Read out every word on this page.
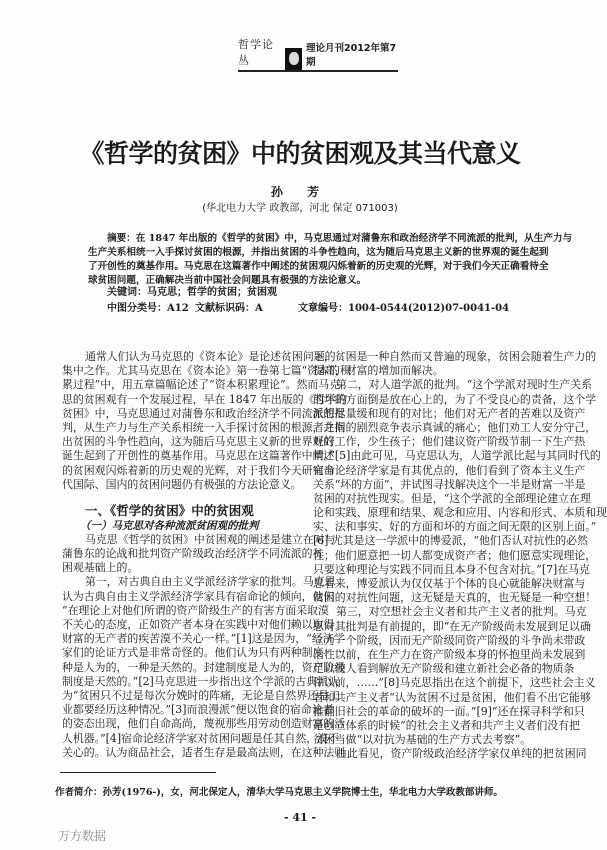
哲学论丛
理论月刊2012年第7期
《哲学的贫困》中的贫困观及其当代意义
孙 芳
(华北电力大学 政教部，河北 保定 071003)
摘要：在 1847 年出版的《哲学的贫困》中，马克思通过对蒲鲁东和政治经济学不同流派的批判，从生产力与
生产关系相统一入手探讨贫困的根源，并指出贫困的斗争性趋向，这为随后马克思主义新的世界观的诞生起到
了开创性的奠基作用。马克思在这篇著作中阐述的贫困观闪烁着新的历史观的光辉，对于我们今天正确看待全
球贫困问题，正确解决当前中国社会问题具有极强的方法论意义。
关键词：马克思；哲学的贫困；贫困观
中图分类号：A12 文献标识码：A	文章编号：1004-0544(2012)07-0041-04
通常人们认为马克思的《资本论》是论述贫困问题的
集中之作。尤其马克思在《资本论》第一卷第七篇“资本的积
累过程”中，用五章篇幅论述了“资本积累理论”。然而马克
思的贫困观有一个发展过程，早在 1847 年出版的《哲学的
贫困》中，马克思通过对蒲鲁东和政治经济学不同流派的批
判，从生产力与生产关系相统一入手探讨贫困的根源，并指
出贫困的斗争性趋向，这为随后马克思主义新的世界观的
诞生起到了开创性的奠基作用。马克思在这篇著作中阐述
的贫困观闪烁着新的历史观的光辉，对于我们今天研究当
代国际、国内的贫困问题仍有极强的方法论意义。
一、《哲学的贫困》中的贫困观
（一）马克思对各种流派贫困观的批判
马克思《哲学的贫困》中贫困观的阐述是建立在对与
蒲鲁东的论战和批判资产阶级政治经济学不同流派的贫
困观基础上的。
第一，对古典自由主义学派经济学家的批判。马克思
认为古典自由主义学派经济学家具有宿命论的倾向，他们
“在理论上对他们所谓的资产阶级生产的有害方面采取漠
不关心的态度，正如资产者本身在实践中对他们赖以取得
财富的无产者的疾苦漠不关心一样。”[1]这是因为，“经济学
家们的论证方式是非常奇怪的。他们认为只有两种制度：一
种是人为的，一种是天然的。封建制度是人为的，资产阶级
制度是天然的。”[2]马克思进一步指出这个学派的古典派认
为“贫困只不过是每次分娩时的阵痛，无论是自然界还是工
业都要经历这种情况。”[3]而浪漫派“便以饱食的宿命论者
的姿态出现，他们自命高尚，蔑视那些用劳动创造财富的活
人机器。”[4]宿命论经济学家对贫困问题是任其自然，漠不
关心的。认为商品社会，适者生存是最高法则，在这种法则
下，贫困是一种自然而又普遍的现象，贫困会随着生产力的
提高，财富的增加而解决。
第二，对人道学派的批判。“这个学派对现时生产关系
的坏的方面倒是放在心上的，为了不受良心的责备，这个学
派想尽量缓和现有的对比；他们对无产者的苦难以及资产
者之间的剧烈竞争表示真诚的痛心；他们劝工人安分守己，
好好工作，少生孩子；他们建议资产阶级节制一下生产热
情。”[5]由此可见，马克思认为，人道学派比起与其同时代的
宿命论经济学家是有其优点的，他们看到了资本主义生产
关系“坏的方面”，并试图寻找解决这个一半是财富一半是
贫困的对抗性现实。但是，“这个学派的全部理论建立在理
论和实践、原理和结果、观念和应用、内容和形式、本质和现
实、法和事实、好的方面和坏的方面之间无限的区别上面。”
[6] 尤其是这一学派中的博爱派，“他们否认对抗性的必然
性；他们愿意把一切人都变成资产者；他们愿意实现理论，
只要这种理论与实践不同而且本身不包含对抗。”[7]在马克
思看来，博爱派认为仅仅基于个体的良心就能解决财富与
贫困的对抗性问题，这无疑是天真的，也无疑是一种空想！
第三，对空想社会主义者和共产主义者的批判。马克
思对其批判是有前提的，即“在无产阶级尚未发展到足以确
立为一个阶级，因而无产阶级同资产阶级的斗争尚未带政
治性以前，在生产力在资产阶级本身的怀抱里尚未发展到
足以使人看到解放无产阶级和建立新社会必备的物质条
件以前，……”[8]马克思指出在这个前提下，这些社会主义
者和共产主义者“认为贫困不过是贫困，他们看不出它能够
推翻旧社会的革命的破坏的一面。”[9]“还在探寻科学和只
是创立体系的时候”的社会主义者和共产主义者们没有把
贫困当做“以对抗为基础的生产方式去考察”。
由此看见，资产阶级政治经济学家仅单纯的把贫困同
作者简介：孙芳(1976-)，女，河北保定人，清华大学马克思主义学院博士生，华北电力大学政教部讲师。
- 41 -
万方数据
